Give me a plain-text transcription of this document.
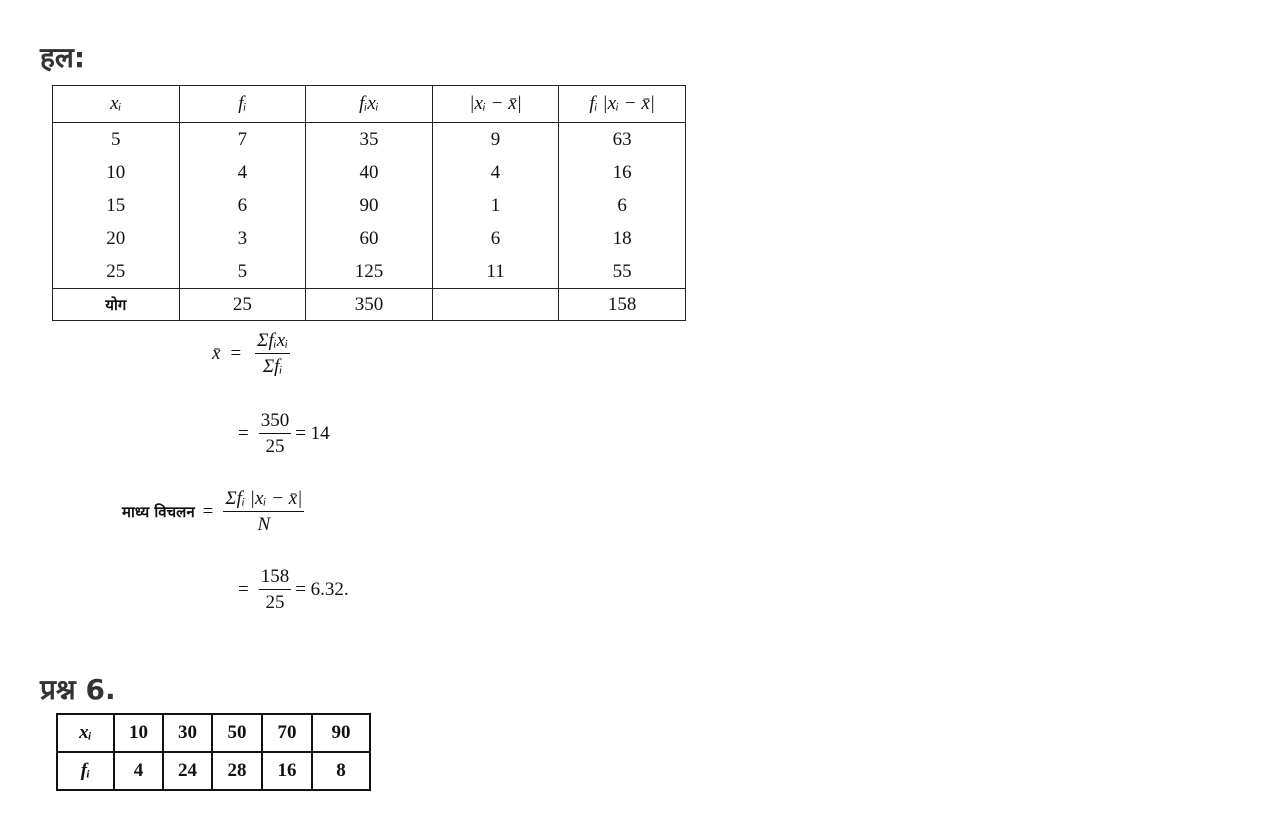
हल:
xᵢ	fᵢ	fᵢxᵢ	|xᵢ − x̄|	fᵢ |xᵢ − x̄|
5	7	35	9	63
10	4	40	4	16
15	6	90	1	6
20	3	60	6	18
25	5	125	11	55
योग	25	350		158
x̄ = $\frac{\text{Σfᵢxᵢ}}{\text{Σfᵢ}}$
= $\frac{350}{25} = 14$
माध्य विचलन = $\frac{\text{Σfᵢ |xᵢ − x̄|}}{N}$
= $\frac{158}{25} = 6.32$.
प्रश्न 6.
xᵢ	10	30	50	70	90
fᵢ	4	24	28	16	8
